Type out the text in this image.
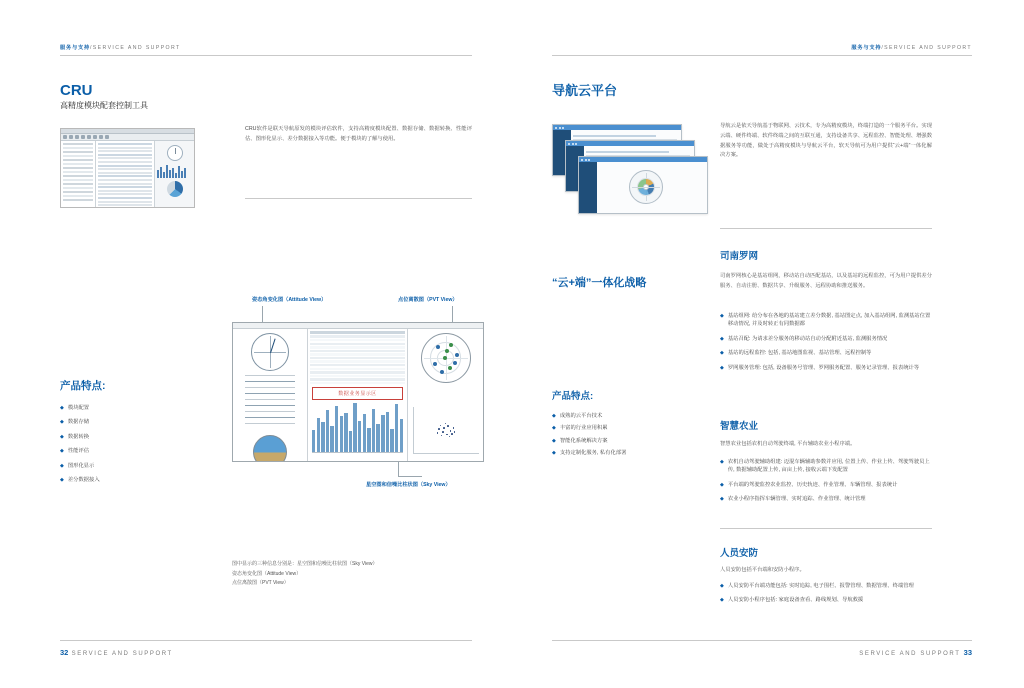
服务与支持/SERVICE AND SUPPORT
CRU
高精度模块配套控制工具
CRU软件是联天导航原发的模块评估软件，支持高精度模块配置、数据存储、数据转换、性能评估、图形化显示、差分数据接入等功能。便于模块的了解与使用。
产品特点:
◆ 模块配置
◆ 数据存储
◆ 数据转换
◆ 性能评估
◆ 图形化显示
◆ 差分数据接入
32 SERVICE AND SUPPORT
数据业务显示区
姿态角变化图（Attitude View）	点位离散图（PVT View）
星空图和信噪比柱状图（Sky View）
图中显示的三种信息分别是：星空图和信噪比柱状图（Sky View）
姿态角变化图（Attitude View）
点位离散图（PVT View）
服务与支持/SERVICE AND SUPPORT
导航云平台
导航云是依天导航基于物联网、云技术，专为高精度模块，终端打造的一个服务平台。实现云端、硬件终端、软件终端之间的互联互通，支持设备共享、远程监控、智能处理、增强数据服务等功能，做处于高精度模块与导航云平台，软天导航可为用户提供“云+端”一体化解决方案。
“云+端”一体化战略
产品特点:
◆ 成熟的云平台技术
◆ 丰富的行业应用积累
◆ 智能化系统解决方案
◆ 支持定制化服务, 私有化部署
司南罗网
司南罗网核心是基站组网，移动站自动匹配基站，以及基站的远程监控，可为用户提供差分服务、自动注册、数据共享、升级服务、远程协助和推送服务。
◆ 基站组网: 给分布在各地的基站建立差分数据, 基站图定点, 加入基站组网, 监测基站位置移动情况, 并及时转正有同数据都
◆ 基站召配: 为请求差分服务的移动站自动分配附近基站, 监测服务情况
◆ 基站的远程监控: 包括, 基站地图监视、基站管理、远程控制等
◆ 罗网服务管理: 包括, 设备服务号管理、罗网服务配置、服务记录管理、报表统计等
智慧农业
智慧农业包括农机自动驾驶终端, 平台辅助农业小程序端。
◆ 农机自动驾驶辅助组建: 迈混车辆辅助参数并应用, 位置上传、作业上传、驾驶驾驶员上传, 数据辅助配置上传, 亩亩上传, 接收云端下发配置
◆ 平台端的驾驶监控农业监控、历史轨迹、作业管理、车辆管理、报表统计
◆ 农业小程序指挥车辆管理、实时追踪、作业管理、统计管理
人员安防
人员安防包括平台端和安防小程序。
◆ 人员安防平台端功能包括: 实时追踪, 电子围栏、报警管理、数据管理、终端管理
◆ 人员安防小程序包括: 家庭设备查看、路线规划、导航救援
SERVICE AND SUPPORT 33
